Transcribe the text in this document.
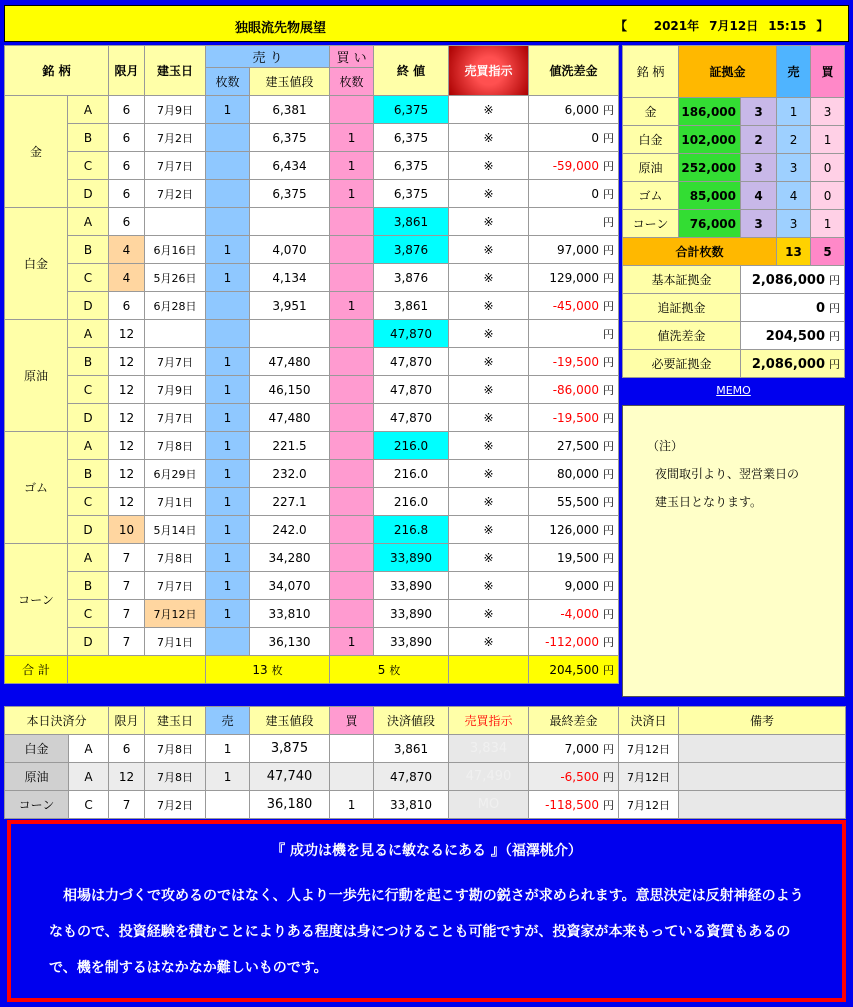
独眼流先物展望	【 2021年 7月12日 15:15 】
銘 柄		限月	建玉日	売 り		買 い	終 値	売買指示	値洗差金
				枚数	建玉値段	枚数			
金	A	6	7月9日	1	6,381		6,375	※	6,000 円
	B	6	7月2日		6,375	1	6,375	※	0 円
	C	6	7月7日		6,434	1	6,375	※	-59,000 円
	D	6	7月2日		6,375	1	6,375	※	0 円
白金	A	6					3,861	※	円
	B	4	6月16日	1	4,070		3,876	※	97,000 円
	C	4	5月26日	1	4,134		3,876	※	129,000 円
	D	6	6月28日		3,951	1	3,861	※	-45,000 円
原油	A	12					47,870	※	円
	B	12	7月7日	1	47,480		47,870	※	-19,500 円
	C	12	7月9日	1	46,150		47,870	※	-86,000 円
	D	12	7月7日	1	47,480		47,870	※	-19,500 円
ゴム	A	12	7月8日	1	221.5		216.0	※	27,500 円
	B	12	6月29日	1	232.0		216.0	※	80,000 円
	C	12	7月1日	1	227.1		216.0	※	55,500 円
	D	10	5月14日	1	242.0		216.8	※	126,000 円
コーン	A	7	7月8日	1	34,280		33,890	※	19,500 円
	B	7	7月7日	1	34,070		33,890	※	9,000 円
	C	7	7月12日	1	33,810		33,890	※	-4,000 円
	D	7	7月1日		36,130	1	33,890	※	-112,000 円
合 計				13 枚		5 枚			204,500 円
銘 柄	証拠金		売	買
金	186,000	3	1	3
白金	102,000	2	2	1
原油	252,000	3	3	0
ゴム	85,000	4	4	0
コーン	76,000	3	3	1
合計枚数			13	5
基本証拠金		2,086,000 円		
追証拠金		0 円		
値洗差金		204,500 円		
必要証拠金		2,086,000 円		
MEMO
（注）
夜間取引より、翌営業日の
建玉日となります。
本日決済分		限月	建玉日	売	建玉値段	買	決済値段	売買指示	最終差金	決済日	備考
白金	A	6	7月8日	1	3,875		3,861	3,834	7,000 円	7月12日	
原油	A	12	7月8日	1	47,740		47,870	47,490	-6,500 円	7月12日	
コーン	C	7	7月2日		36,180	1	33,810	MO	-118,500 円	7月12日	
『 成功は機を見るに敏なるにある 』（福澤桃介）
相場は力づくで攻めるのではなく、人より一歩先に行動を起こす勘の鋭さが求められます。意思決定は反射神経のようなもので、投資経験を積むことによりある程度は身につけることも可能ですが、投資家が本来もっている資質もあるので、機を制するはなかなか難しいものです。
